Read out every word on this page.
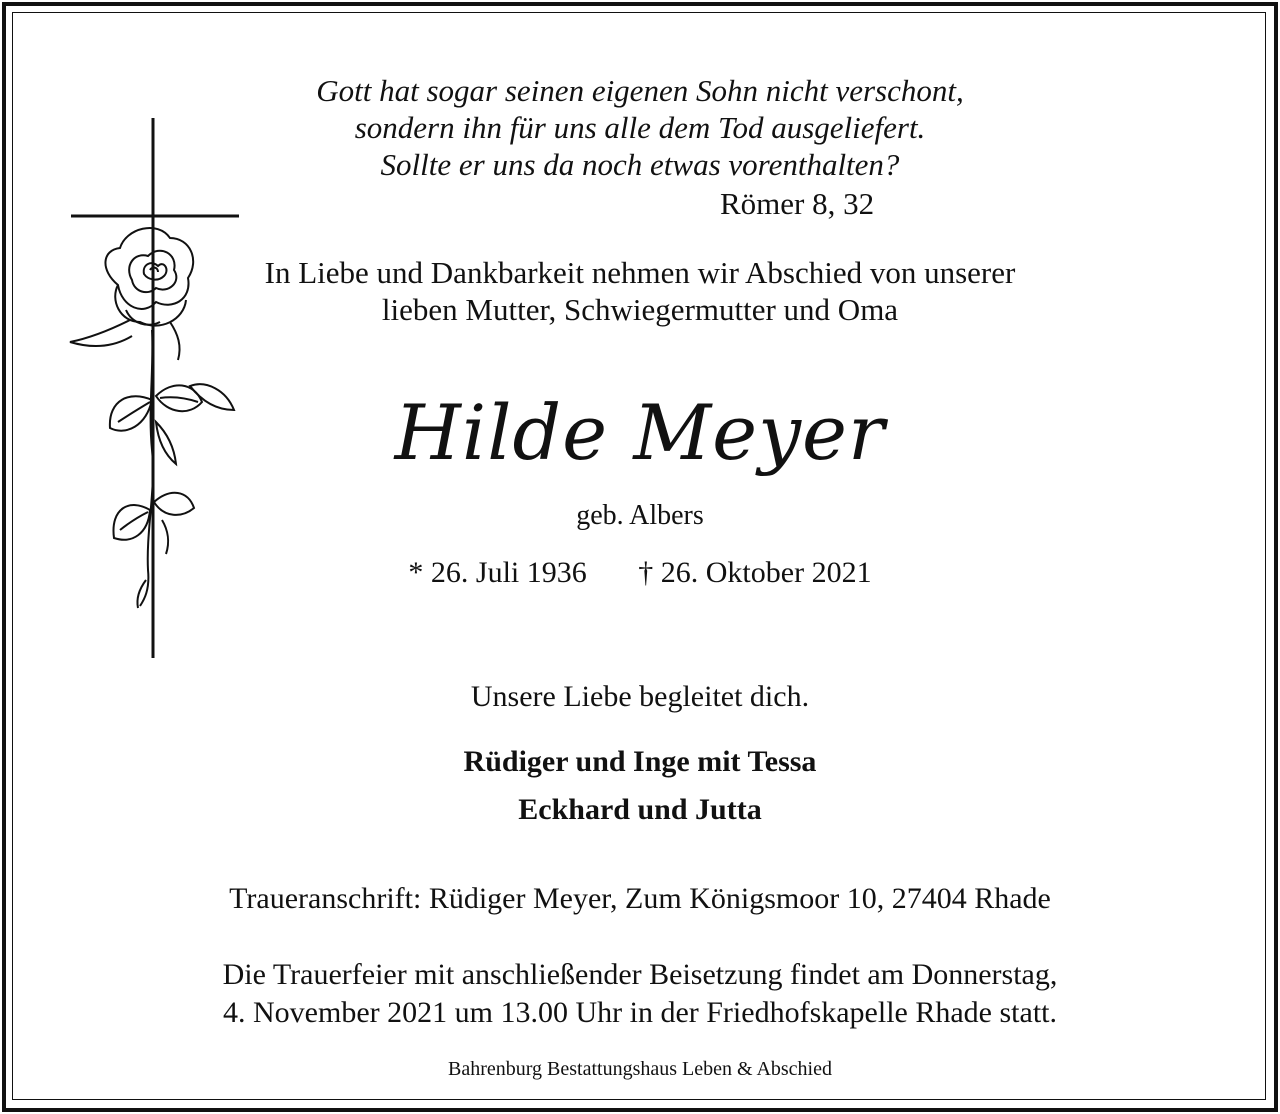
Gott hat sogar seinen eigenen Sohn nicht verschont,
sondern ihn für uns alle dem Tod ausgeliefert.
Sollte er uns da noch etwas vorenthalten?
Römer 8, 32
In Liebe und Dankbarkeit nehmen wir Abschied von unserer
lieben Mutter, Schwiegermutter und Oma
Hilde Meyer
geb. Albers
* 26. Juli 1936 † 26. Oktober 2021
Unsere Liebe begleitet dich.
Rüdiger und Inge mit Tessa
Eckhard und Jutta
Traueranschrift: Rüdiger Meyer, Zum Königsmoor 10, 27404 Rhade
Die Trauerfeier mit anschließender Beisetzung findet am Donnerstag,
4. November 2021 um 13.00 Uhr in der Friedhofskapelle Rhade statt.
Bahrenburg Bestattungshaus Leben & Abschied
